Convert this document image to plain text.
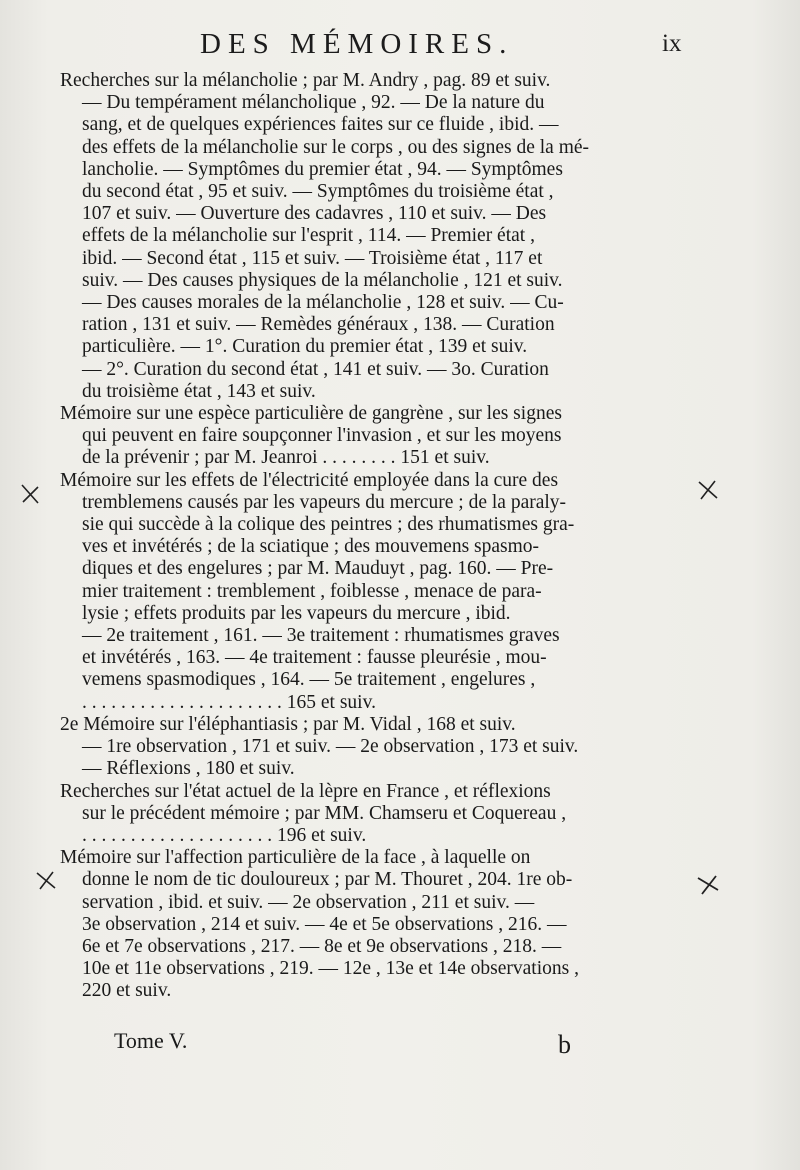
DES MÉMOIRES.	ix
Recherches sur la mélancholie ; par M. Andry , pag. 89 et suiv.
— Du tempérament mélancholique , 92. — De la nature du
sang, et de quelques expériences faites sur ce fluide , ibid. —
des effets de la mélancholie sur le corps , ou des signes de la mé-
lancholie. — Symptômes du premier état , 94. — Symptômes
du second état , 95 et suiv. — Symptômes du troisième état ,
107 et suiv. — Ouverture des cadavres , 110 et suiv. — Des
effets de la mélancholie sur l'esprit , 114. — Premier état ,
ibid. — Second état , 115 et suiv. — Troisième état , 117 et
suiv. — Des causes physiques de la mélancholie , 121 et suiv.
— Des causes morales de la mélancholie , 128 et suiv. — Cu-
ration , 131 et suiv. — Remèdes généraux , 138. — Curation
particulière. — 1°. Curation du premier état , 139 et suiv.
— 2°. Curation du second état , 141 et suiv. — 3o. Curation
du troisième état , 143 et suiv.
Mémoire sur une espèce particulière de gangrène , sur les signes
qui peuvent en faire soupçonner l'invasion , et sur les moyens
de la prévenir ; par M. Jeanroi . . . . . . . . 151 et suiv.
Mémoire sur les effets de l'électricité employée dans la cure des
tremblemens causés par les vapeurs du mercure ; de la paraly-
sie qui succède à la colique des peintres ; des rhumatismes gra-
ves et invétérés ; de la sciatique ; des mouvemens spasmo-
diques et des engelures ; par M. Mauduyt , pag. 160. — Pre-
mier traitement : tremblement , foiblesse , menace de para-
lysie ; effets produits par les vapeurs du mercure , ibid.
— 2e traitement , 161. — 3e traitement : rhumatismes graves
et invétérés , 163. — 4e traitement : fausse pleurésie , mou-
vemens spasmodiques , 164. — 5e traitement , engelures ,
. . . . . . . . . . . . . . . . . . . . . 165 et suiv.
2e Mémoire sur l'éléphantiasis ; par M. Vidal , 168 et suiv.
— 1re observation , 171 et suiv. — 2e observation , 173 et suiv.
— Réflexions , 180 et suiv.
Recherches sur l'état actuel de la lèpre en France , et réflexions
sur le précédent mémoire ; par MM. Chamseru et Coquereau ,
. . . . . . . . . . . . . . . . . . . . 196 et suiv.
Mémoire sur l'affection particulière de la face , à laquelle on
donne le nom de tic douloureux ; par M. Thouret , 204. 1re ob-
servation , ibid. et suiv. — 2e observation , 211 et suiv. —
3e observation , 214 et suiv. — 4e et 5e observations , 216. —
6e et 7e observations , 217. — 8e et 9e observations , 218. —
10e et 11e observations , 219. — 12e , 13e et 14e observations ,
220 et suiv.
Tome V.	b
